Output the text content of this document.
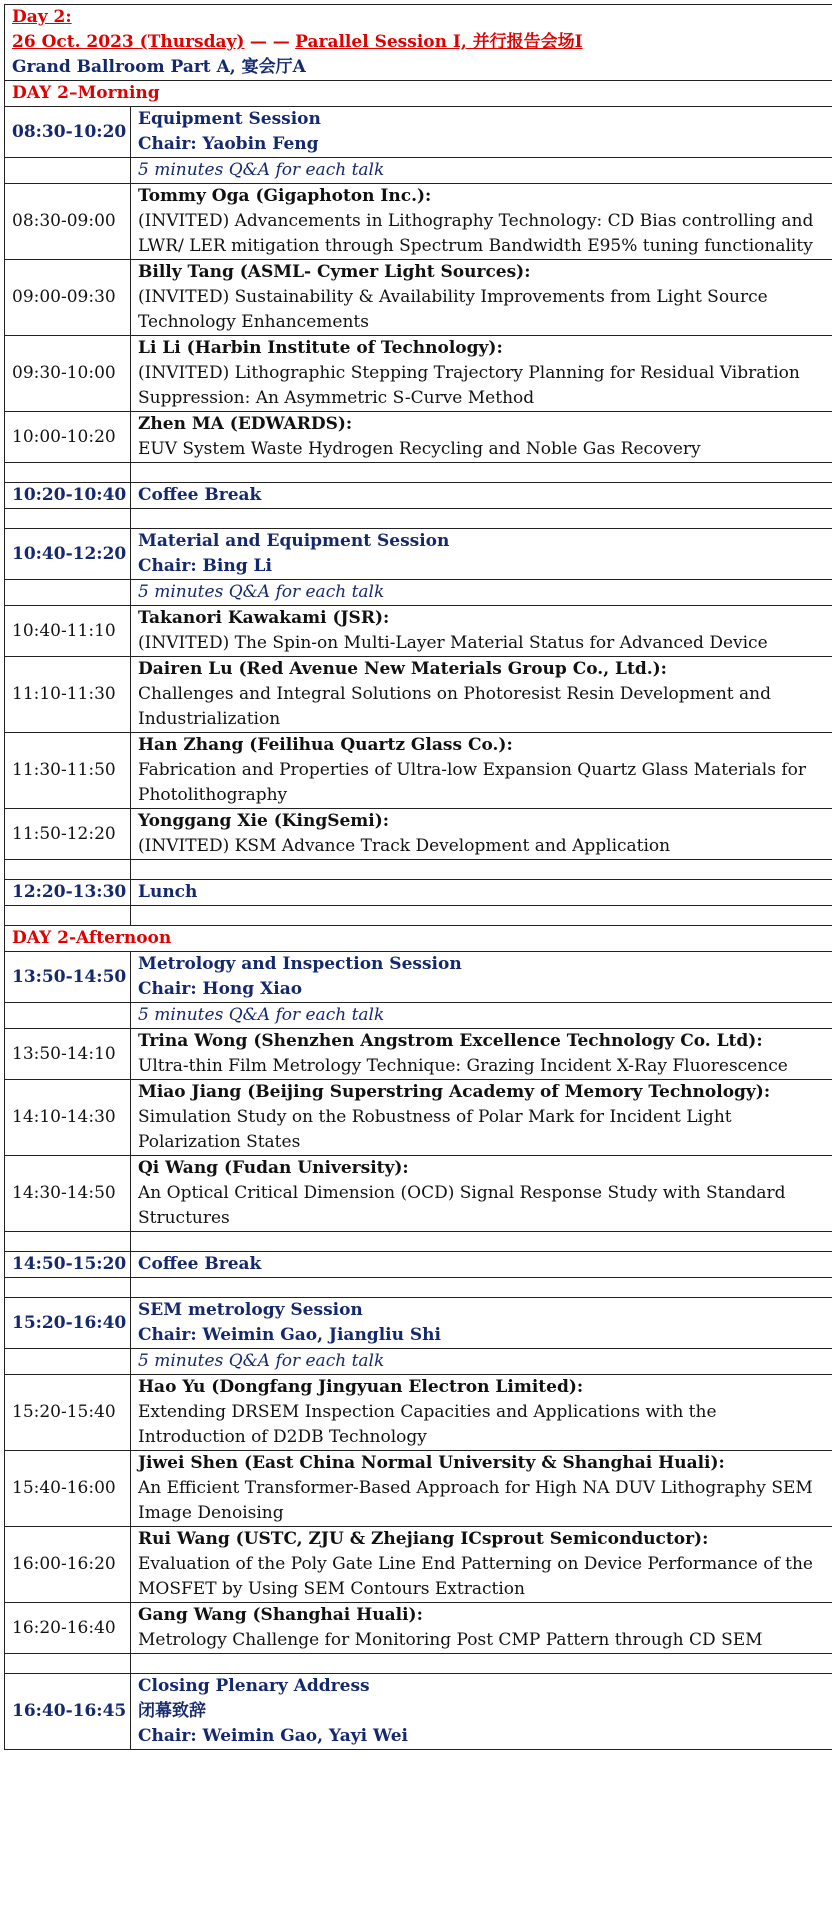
Day 2:
26 Oct. 2023 (Thursday) — — Parallel Session I, 并行报告会场I
Grand Ballroom Part A, 宴会厅A	

DAY 2–Morning	
08:30-10:20	Equipment Session
Chair: Yaobin Feng

	5 minutes Q&A for each talk
08:30-09:00	Tommy Oga (Gigaphoton Inc.):
(INVITED) Advancements in Lithography Technology: CD Bias controlling and LWR/ LER mitigation through Spectrum Bandwidth E95% tuning functionality

09:00-09:30	Billy Tang (ASML- Cymer Light Sources):
(INVITED) Sustainability & Availability Improvements from Light Source Technology Enhancements

09:30-10:00	Li Li (Harbin Institute of Technology):
(INVITED) Lithographic Stepping Trajectory Planning for Residual Vibration Suppression: An Asymmetric S-Curve Method

10:00-10:20	Zhen MA (EDWARDS):
EUV System Waste Hydrogen Recycling and Noble Gas Recovery

10:20-10:40	Coffee Break

10:40-12:20	Material and Equipment Session
Chair: Bing Li

	5 minutes Q&A for each talk
10:40-11:10	Takanori Kawakami (JSR):
(INVITED) The Spin-on Multi-Layer Material Status for Advanced Device

11:10-11:30	Dairen Lu (Red Avenue New Materials Group Co., Ltd.):
Challenges and Integral Solutions on Photoresist Resin Development and Industrialization

11:30-11:50	Han Zhang (Feilihua Quartz Glass Co.):
Fabrication and Properties of Ultra-low Expansion Quartz Glass Materials for Photolithography

11:50-12:20	Yonggang Xie (KingSemi):
(INVITED) KSM Advance Track Development and Application

12:20-13:30	Lunch

DAY 2-Afternoon	
13:50-14:50	Metrology and Inspection Session
Chair: Hong Xiao

	5 minutes Q&A for each talk
13:50-14:10	Trina Wong (Shenzhen Angstrom Excellence Technology Co. Ltd):
Ultra-thin Film Metrology Technique: Grazing Incident X-Ray Fluorescence

14:10-14:30	Miao Jiang (Beijing Superstring Academy of Memory Technology):
Simulation Study on the Robustness of Polar Mark for Incident Light Polarization States

14:30-14:50	Qi Wang (Fudan University):
An Optical Critical Dimension (OCD) Signal Response Study with Standard Structures

14:50-15:20	Coffee Break

15:20-16:40	SEM metrology Session
Chair: Weimin Gao, Jiangliu Shi

	5 minutes Q&A for each talk
15:20-15:40	Hao Yu (Dongfang Jingyuan Electron Limited):
Extending DRSEM Inspection Capacities and Applications with the Introduction of D2DB Technology

15:40-16:00	Jiwei Shen (East China Normal University & Shanghai Huali):
An Efficient Transformer-Based Approach for High NA DUV Lithography SEM Image Denoising

16:00-16:20	Rui Wang (USTC, ZJU & Zhejiang ICsprout Semiconductor):
Evaluation of the Poly Gate Line End Patterning on Device Performance of the MOSFET by Using SEM Contours Extraction

16:20-16:40	Gang Wang (Shanghai Huali):
Metrology Challenge for Monitoring Post CMP Pattern through CD SEM

16:40-16:45	Closing Plenary Address
闭幕致辞
Chair: Weimin Gao, Yayi Wei
